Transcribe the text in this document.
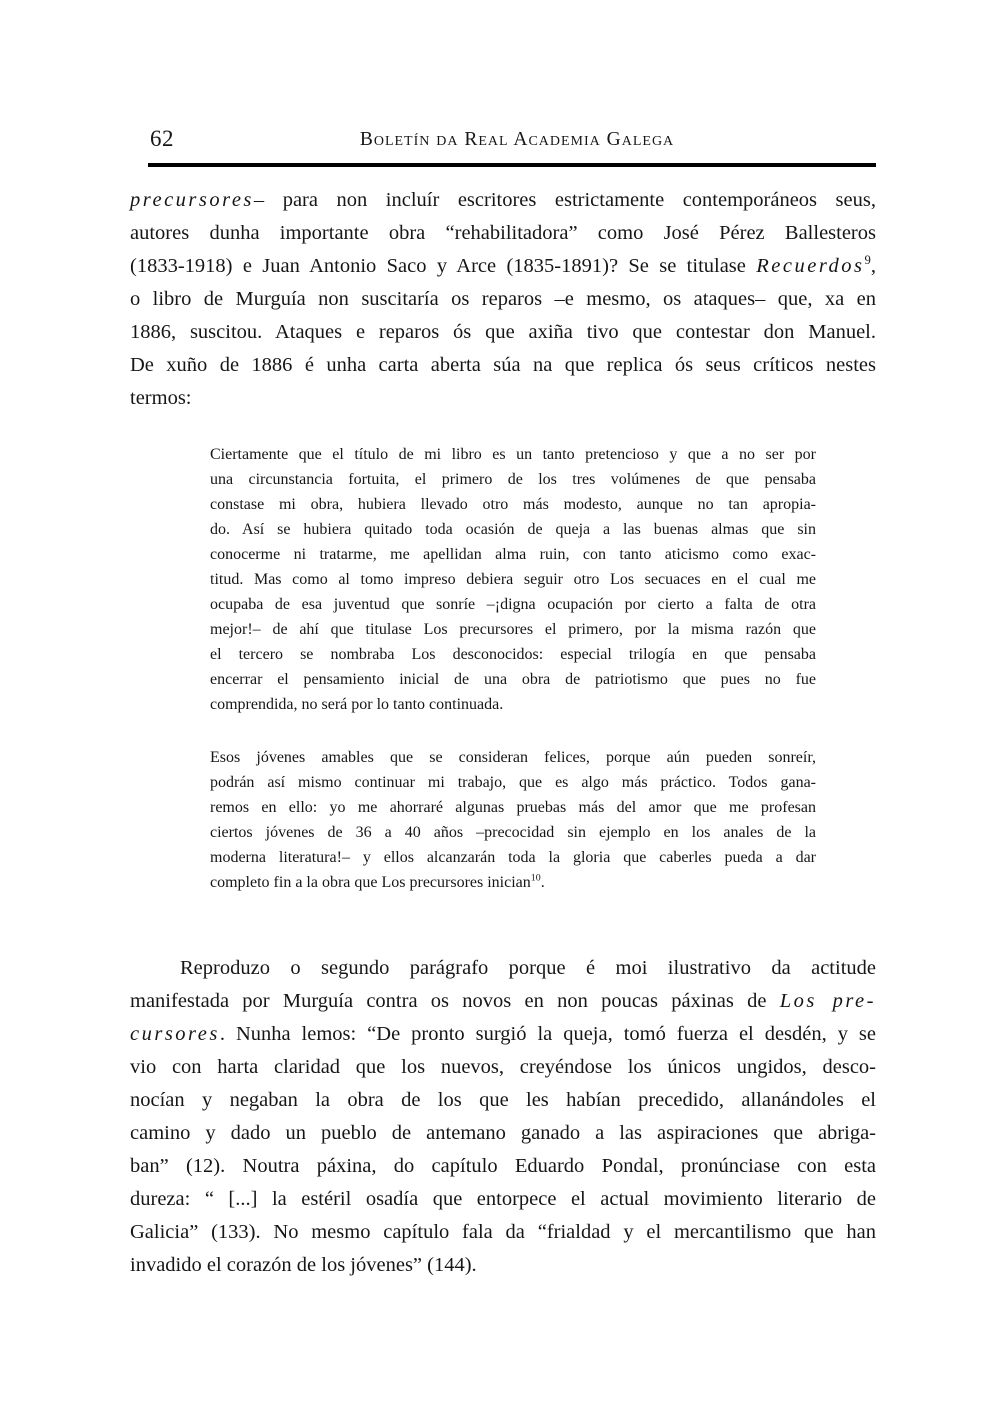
62	Boletín da Real Academia Galega
precursores– para non incluír escritores estrictamente contemporáneos seus,
autores dunha importante obra “rehabilitadora” como José Pérez Ballesteros
(1833-1918) e Juan Antonio Saco y Arce (1835-1891)? Se se titulase Recuerdos$^9$,
o libro de Murguía non suscitaría os reparos –e mesmo, os ataques– que, xa en
1886, suscitou. Ataques e reparos ós que axiña tivo que contestar don Manuel.
De xuño de 1886 é unha carta aberta súa na que replica ós seus críticos nestes
termos:
Ciertamente que el título de mi libro es un tanto pretencioso y que a no ser por
una circunstancia fortuita, el primero de los tres volúmenes de que pensaba
constase mi obra, hubiera llevado otro más modesto, aunque no tan apropia-
do. Así se hubiera quitado toda ocasión de queja a las buenas almas que sin
conocerme ni tratarme, me apellidan alma ruin, con tanto aticismo como exac-
titud. Mas como al tomo impreso debiera seguir otro Los secuaces en el cual me
ocupaba de esa juventud que sonríe –¡digna ocupación por cierto a falta de otra
mejor!– de ahí que titulase Los precursores el primero, por la misma razón que
el tercero se nombraba Los desconocidos: especial trilogía en que pensaba
encerrar el pensamiento inicial de una obra de patriotismo que pues no fue
comprendida, no será por lo tanto continuada.
Esos jóvenes amables que se consideran felices, porque aún pueden sonreír,
podrán así mismo continuar mi trabajo, que es algo más práctico. Todos gana-
remos en ello: yo me ahorraré algunas pruebas más del amor que me profesan
ciertos jóvenes de 36 a 40 años –precocidad sin ejemplo en los anales de la
moderna literatura!– y ellos alcanzarán toda la gloria que caberles pueda a dar
completo fin a la obra que Los precursores inician$^{10}$.
Reproduzo o segundo parágrafo porque é moi ilustrativo da actitude
manifestada por Murguía contra os novos en non poucas páxinas de Los pre-
cursores. Nunha lemos: “De pronto surgió la queja, tomó fuerza el desdén, y se
vio con harta claridad que los nuevos, creyéndose los únicos ungidos, desco-
nocían y negaban la obra de los que les habían precedido, allanándoles el
camino y dado un pueblo de antemano ganado a las aspiraciones que abriga-
ban” (12). Noutra páxina, do capítulo Eduardo Pondal, pronúnciase con esta
dureza: “ [...] la estéril osadía que entorpece el actual movimiento literario de
Galicia” (133). No mesmo capítulo fala da “frialdad y el mercantilismo que han
invadido el corazón de los jóvenes” (144).
